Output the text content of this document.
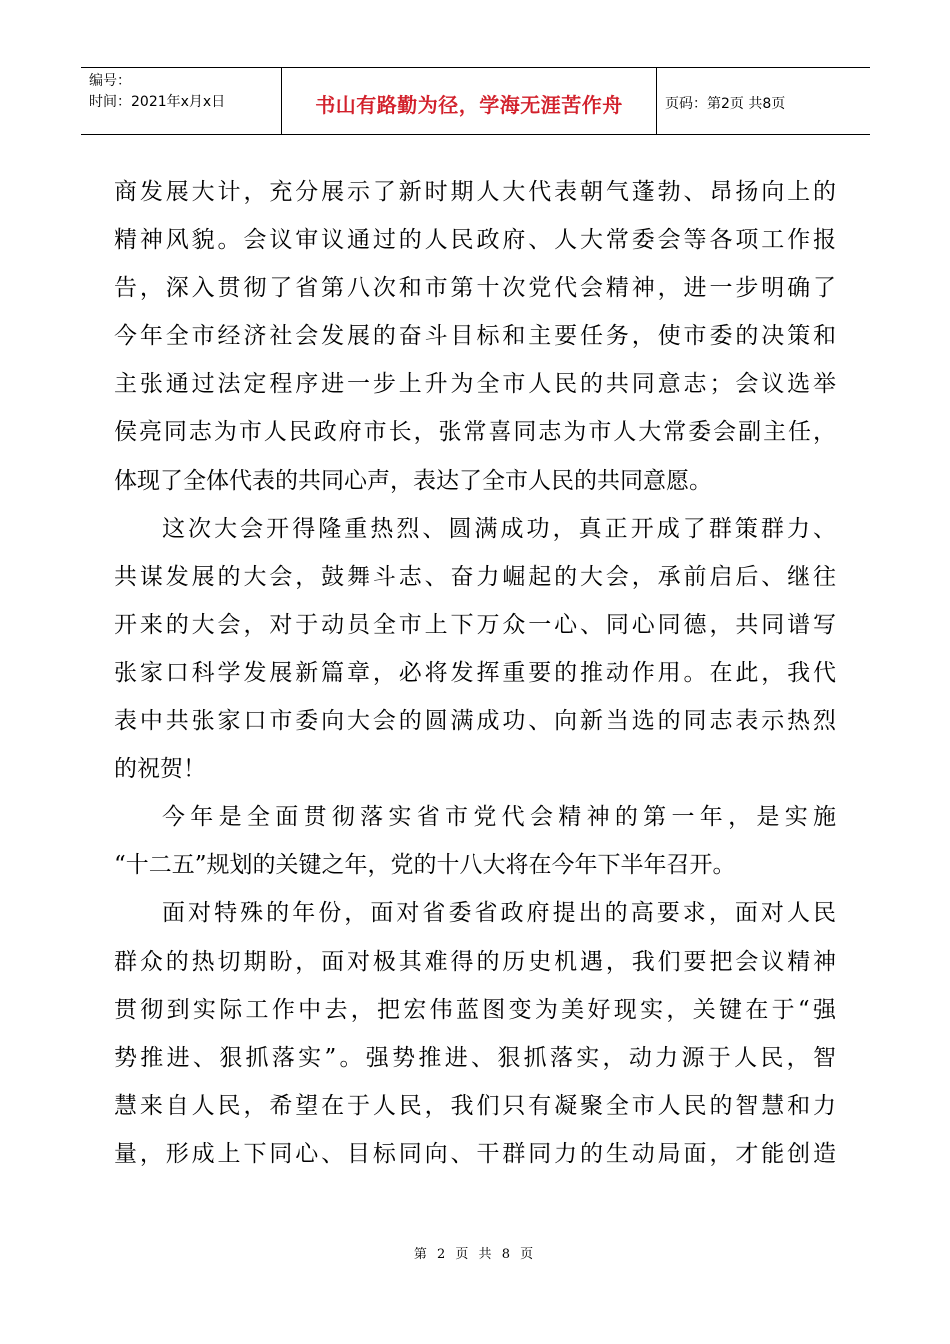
编号：
时间：2021年x月x日	书山有路勤为径，学海无涯苦作舟	页码：第2页 共8页
商发展大计，充分展示了新时期人大代表朝气蓬勃、昂扬向上的
精神风貌。会议审议通过的人民政府、人大常委会等各项工作报
告，深入贯彻了省第八次和市第十次党代会精神，进一步明确了
今年全市经济社会发展的奋斗目标和主要任务，使市委的决策和
主张通过法定程序进一步上升为全市人民的共同意志；会议选举
侯亮同志为市人民政府市长，张常喜同志为市人大常委会副主任，
体现了全体代表的共同心声，表达了全市人民的共同意愿。
这次大会开得隆重热烈、圆满成功，真正开成了群策群力、
共谋发展的大会，鼓舞斗志、奋力崛起的大会，承前启后、继往
开来的大会，对于动员全市上下万众一心、同心同德，共同谱写
张家口科学发展新篇章，必将发挥重要的推动作用。在此，我代
表中共张家口市委向大会的圆满成功、向新当选的同志表示热烈
的祝贺！
今年是全面贯彻落实省市党代会精神的第一年，是实施
“十二五”规划的关键之年，党的十八大将在今年下半年召开。
面对特殊的年份，面对省委省政府提出的高要求，面对人民
群众的热切期盼，面对极其难得的历史机遇，我们要把会议精神
贯彻到实际工作中去，把宏伟蓝图变为美好现实，关键在于“强
势推进、狠抓落实”。强势推进、狠抓落实，动力源于人民，智
慧来自人民，希望在于人民，我们只有凝聚全市人民的智慧和力
量，形成上下同心、目标同向、干群同力的生动局面，才能创造
第 2 页 共 8 页
